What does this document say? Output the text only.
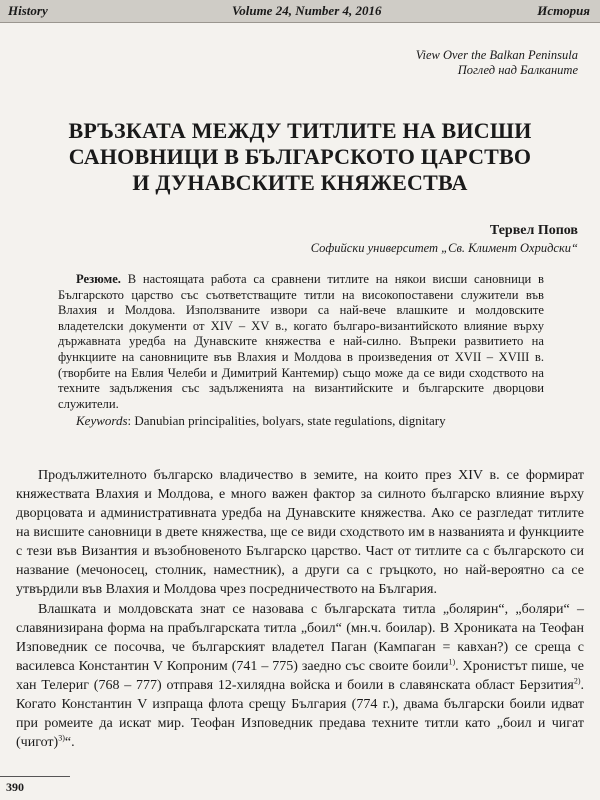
History	Volume 24, Number 4, 2016	История
View Over the Balkan Peninsula
Поглед над Балканите
ВРЪЗКАТА МЕЖДУ ТИТЛИТЕ НА ВИСШИ
САНОВНИЦИ В БЪЛГАРСКОТО ЦАРСТВО
И ДУНАВСКИТЕ КНЯЖЕСТВА
Тервел Попов
Софийски университет „Св. Климент Охридски“

Резюме. В настоящата работа са сравнени титлите на някои висши сановници в Българското царство със съответстващите титли на високопоставени служители във Влахия и Молдова. Използваните извори са най-вече влашките и молдовските владетелски документи от XIV – XV в., когато българо-византийското влияние върху държавната уредба на Дунавските княжества е най-силно. Въпреки развитието на функциите на сановниците във Влахия и Молдова в произведения от XVII – XVIII в. (творбите на Евлия Челеби и Димитрий Кантемир) също може да се види сходството на техните задължения със задълженията на византийските и българските дворцови служители.

Keywords: Danubian principalities, bolyars, state regulations, dignitary

Продължителното българско владичество в земите, на които през XIV в. се формират княжествата Влахия и Молдова, е много важен фактор за силното българско влияние върху дворцовата и административната уредба на Дунавските княжества. Ако се разгледат титлите на висшите сановници в двете княжества, ще се види сходството им в названията и функциите с тези във Византия и възобновеното Българско царство. Част от титлите са с българското си название (мечоносец, столник, наместник), а други са с гръцкото, но най-вероятно са се утвърдили във Влахия и Молдова чрез посредничеството на България.

Влашката и молдовската знат се назовава с българската титла „болярин“, „боляри“ – славянизирана форма на прабългарската титла „боил“ (мн.ч. боилар). В Хрониката на Теофан Изповедник се посочва, че българският владетел Паган (Кампаган = кавхан?) се среща с василевса Константин V Копроним (741 – 775) заедно със своите боили$^{1)}$. Хронистът пише, че хан Телериг (768 – 777) отправя 12-хилядна войска и боили в славянската област Берзития$^{2)}$. Когато Константин V изпраща флота срещу България (774 г.), двама български боили идват при ромеите да искат мир. Теофан Изповедник предава техните титли като „боил и чигат (чигот)$^{3)}$“.

390
